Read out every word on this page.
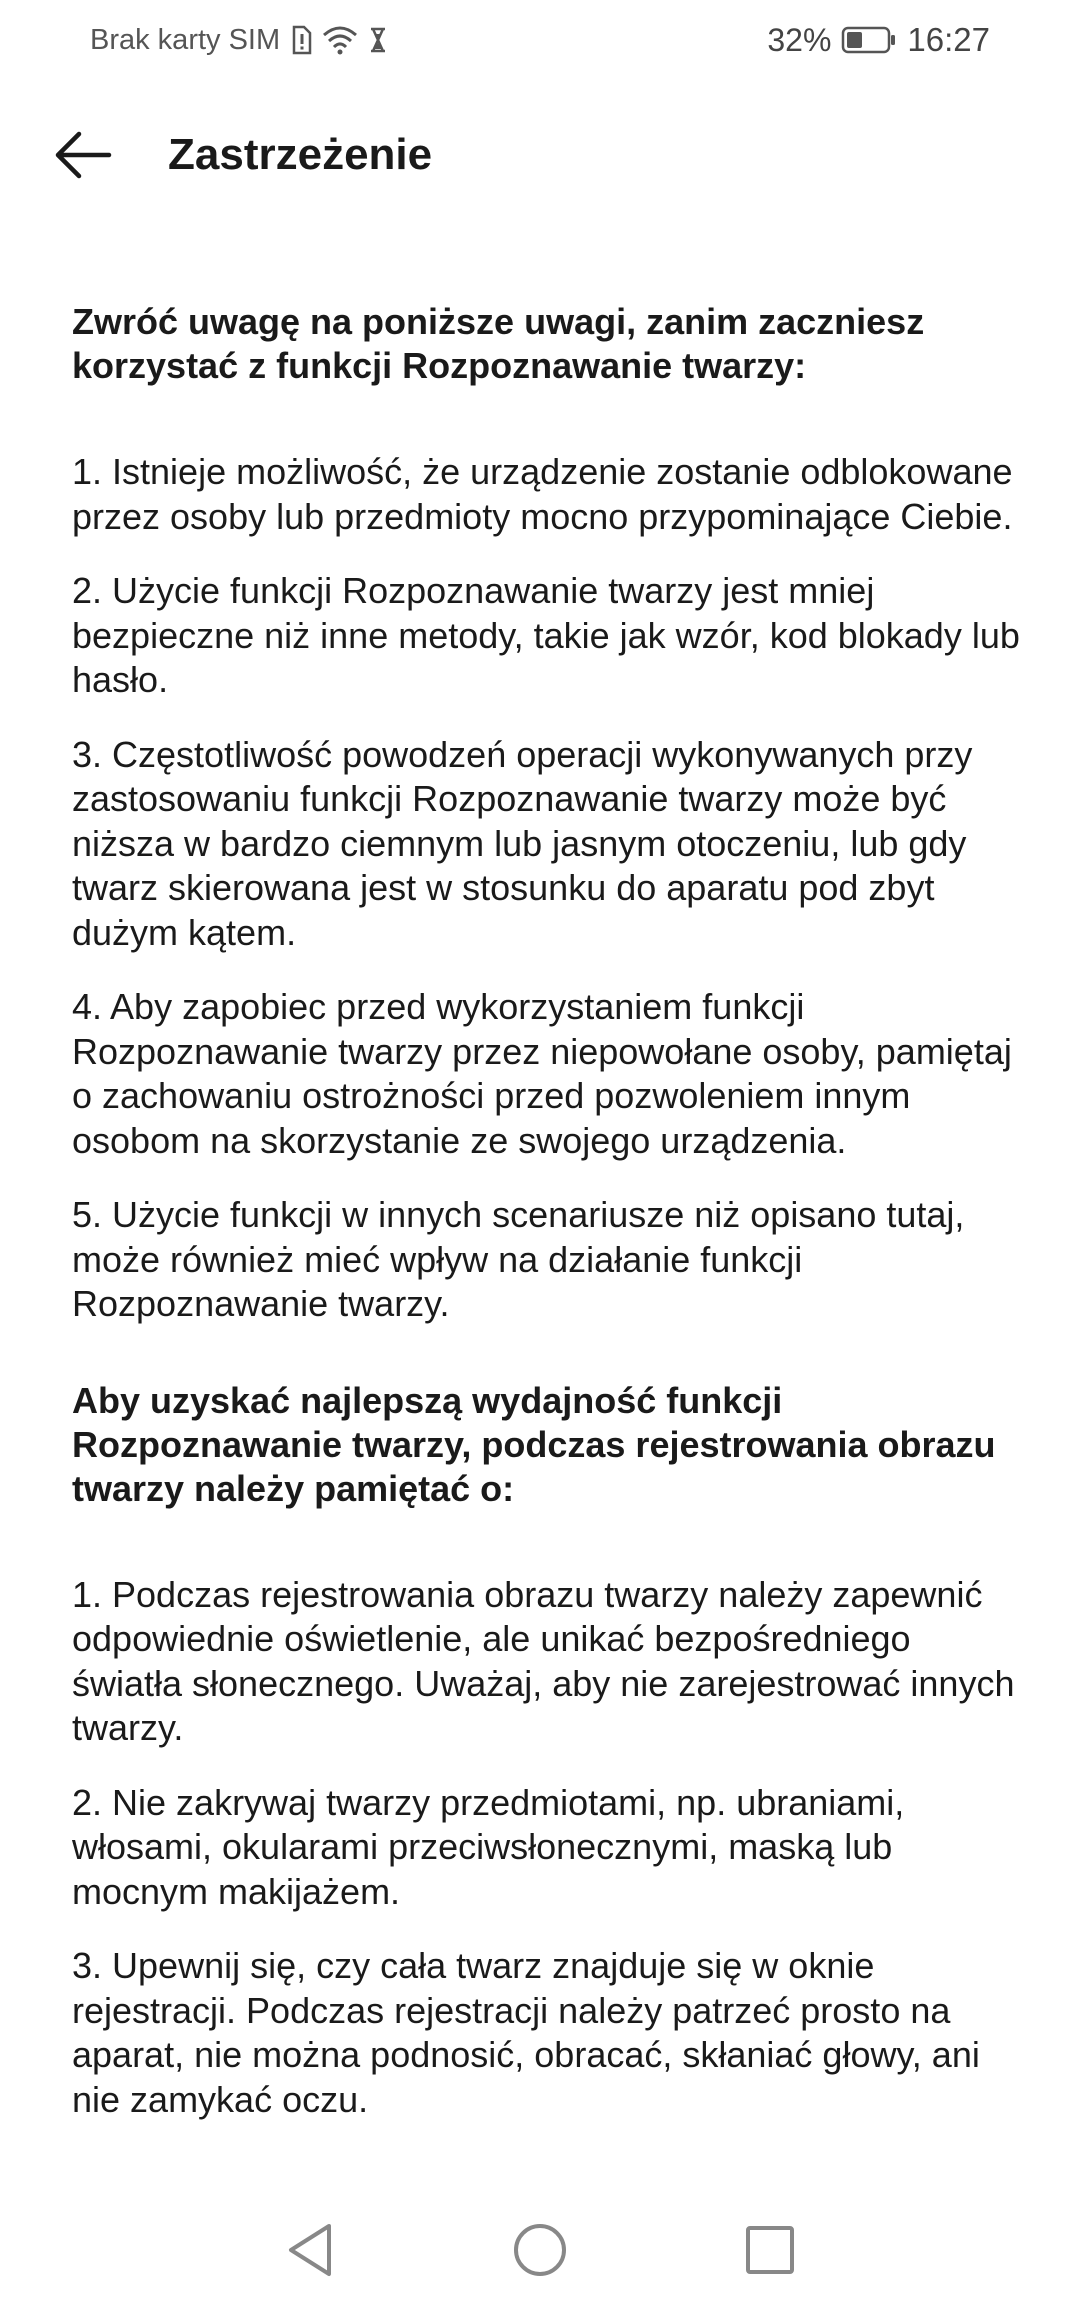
Brak karty SIM	32% 16:27
Zastrzeżenie

Zwróć uwagę na poniższe uwagi, zanim zaczniesz korzystać z funkcji Rozpoznawanie twarzy:

1. Istnieje możliwość, że urządzenie zostanie odblokowane przez osoby lub przedmioty mocno przypominające Ciebie.
2. Użycie funkcji Rozpoznawanie twarzy jest mniej bezpieczne niż inne metody, takie jak wzór, kod blokady lub hasło.
3. Częstotliwość powodzeń operacji wykonywanych przy zastosowaniu funkcji Rozpoznawanie twarzy może być niższa w bardzo ciemnym lub jasnym otoczeniu, lub gdy twarz skierowana jest w stosunku do aparatu pod zbyt dużym kątem.
4. Aby zapobiec przed wykorzystaniem funkcji Rozpoznawanie twarzy przez niepowołane osoby, pamiętaj o zachowaniu ostrożności przed pozwoleniem innym osobom na skorzystanie ze swojego urządzenia.
5. Użycie funkcji w innych scenariusze niż opisano tutaj, może również mieć wpływ na działanie funkcji Rozpoznawanie twarzy.

Aby uzyskać najlepszą wydajność funkcji Rozpoznawanie twarzy, podczas rejestrowania obrazu twarzy należy pamiętać o:

1. Podczas rejestrowania obrazu twarzy należy zapewnić odpowiednie oświetlenie, ale unikać bezpośredniego światła słonecznego. Uważaj, aby nie zarejestrować innych twarzy.
2. Nie zakrywaj twarzy przedmiotami, np. ubraniami, włosami, okularami przeciwsłonecznymi, maską lub mocnym makijażem.
3. Upewnij się, czy cała twarz znajduje się w oknie rejestracji. Podczas rejestracji należy patrzeć prosto na aparat, nie można podnosić, obracać, skłaniać głowy, ani nie zamykać oczu.
